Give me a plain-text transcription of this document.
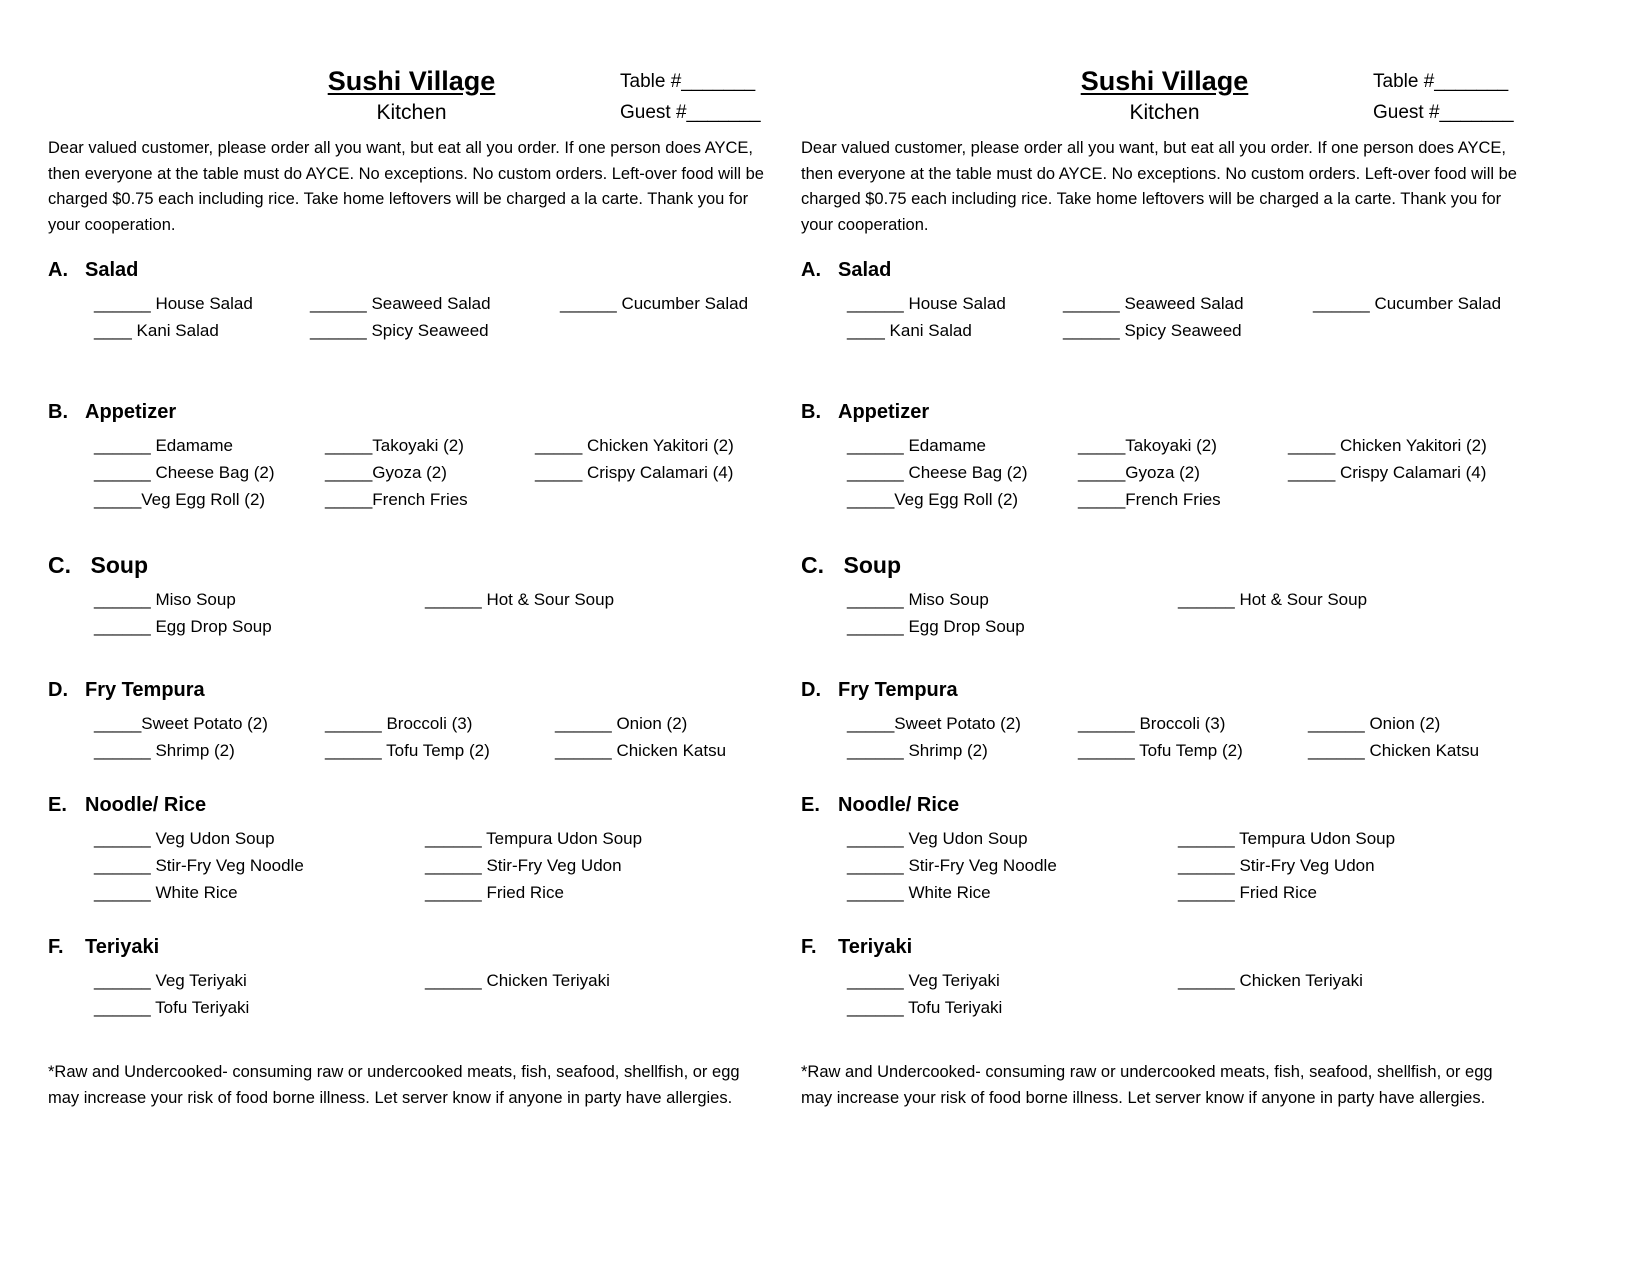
Sushi Village
Kitchen
Table #_______
Guest #_______
Dear valued customer, please order all you want, but eat all you order. If one person does AYCE, then everyone at the table must do AYCE. No exceptions. No custom orders. Left-over food will be charged $0.75 each including rice. Take home leftovers will be charged a la carte. Thank you for your cooperation.
A. Salad
______ House Salad	______ Seaweed Salad	______ Cucumber Salad
____ Kani Salad	______ Spicy Seaweed
B. Appetizer
______ Edamame	_____Takoyaki (2)	_____ Chicken Yakitori (2)
______ Cheese Bag (2)	_____Gyoza (2)	_____ Crispy Calamari (4)
_____Veg Egg Roll (2)	_____French Fries
C. Soup
______ Miso Soup	______ Hot & Sour Soup
______ Egg Drop Soup
D. Fry Tempura
_____Sweet Potato (2)	______ Broccoli (3)	______ Onion (2)
______ Shrimp (2)	______ Tofu Temp (2)	______ Chicken Katsu
E. Noodle/ Rice
______ Veg Udon Soup	______ Tempura Udon Soup
______ Stir-Fry Veg Noodle	______ Stir-Fry Veg Udon
______ White Rice	______ Fried Rice
F. Teriyaki
______ Veg Teriyaki	______ Chicken Teriyaki
______ Tofu Teriyaki
*Raw and Undercooked- consuming raw or undercooked meats, fish, seafood, shellfish, or egg may increase your risk of food borne illness. Let server know if anyone in party have allergies.
Sushi Village
Kitchen
Table #_______
Guest #_______
Dear valued customer, please order all you want, but eat all you order. If one person does AYCE, then everyone at the table must do AYCE. No exceptions. No custom orders. Left-over food will be charged $0.75 each including rice. Take home leftovers will be charged a la carte. Thank you for your cooperation.
A. Salad
______ House Salad	______ Seaweed Salad	______ Cucumber Salad
____ Kani Salad	______ Spicy Seaweed
B. Appetizer
______ Edamame	_____Takoyaki (2)	_____ Chicken Yakitori (2)
______ Cheese Bag (2)	_____Gyoza (2)	_____ Crispy Calamari (4)
_____Veg Egg Roll (2)	_____French Fries
C. Soup
______ Miso Soup	______ Hot & Sour Soup
______ Egg Drop Soup
D. Fry Tempura
_____Sweet Potato (2)	______ Broccoli (3)	______ Onion (2)
______ Shrimp (2)	______ Tofu Temp (2)	______ Chicken Katsu
E. Noodle/ Rice
______ Veg Udon Soup	______ Tempura Udon Soup
______ Stir-Fry Veg Noodle	______ Stir-Fry Veg Udon
______ White Rice	______ Fried Rice
F. Teriyaki
______ Veg Teriyaki	______ Chicken Teriyaki
______ Tofu Teriyaki
*Raw and Undercooked- consuming raw or undercooked meats, fish, seafood, shellfish, or egg may increase your risk of food borne illness. Let server know if anyone in party have allergies.
